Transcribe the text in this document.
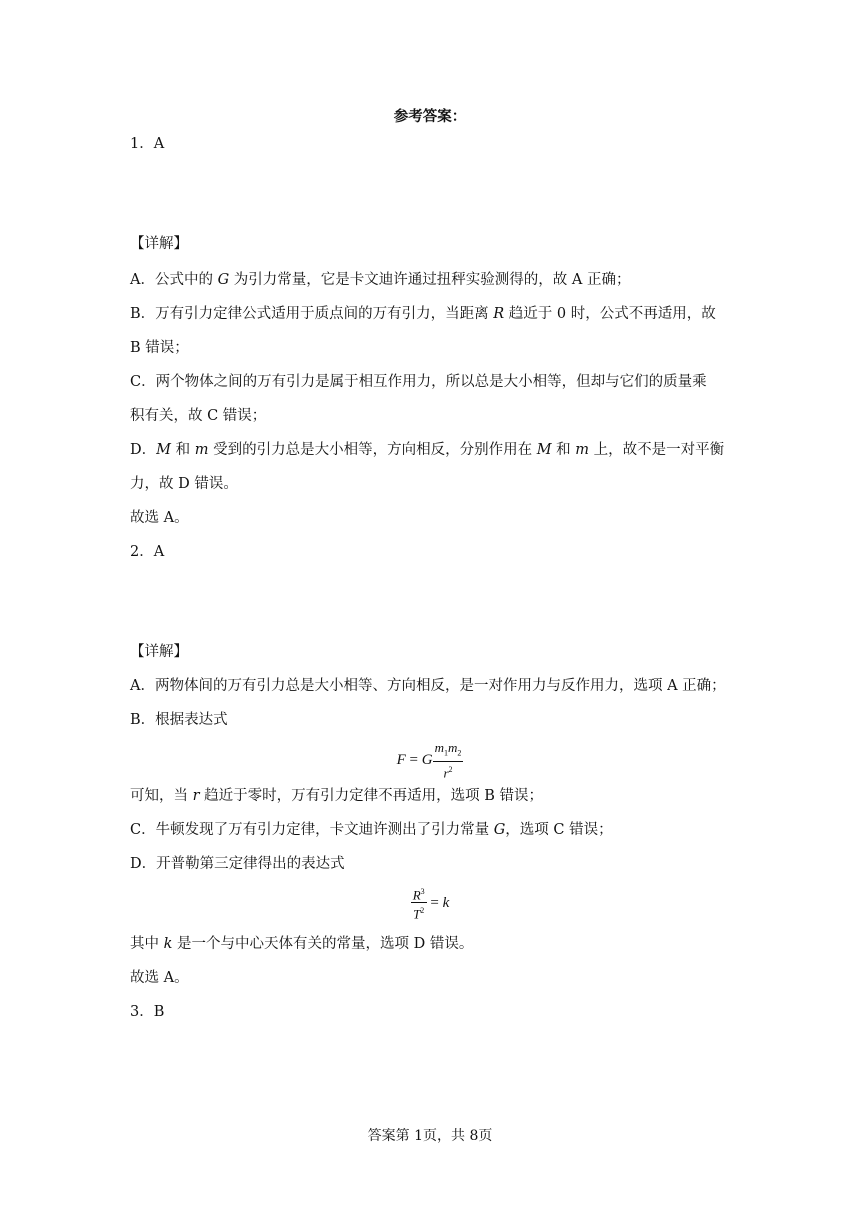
参考答案：
1．A
【详解】
A．公式中的 G 为引力常量，它是卡文迪许通过扭秤实验测得的，故 A 正确；
B．万有引力定律公式适用于质点间的万有引力，当距离 R 趋近于 0 时，公式不再适用，故
B 错误；
C．两个物体之间的万有引力是属于相互作用力，所以总是大小相等，但却与它们的质量乘
积有关，故 C 错误；
D．M 和 m 受到的引力总是大小相等，方向相反，分别作用在 M 和 m 上，故不是一对平衡
力，故 D 错误。
故选 A。
2．A
【详解】
A．两物体间的万有引力总是大小相等、方向相反，是一对作用力与反作用力，选项 A 正确；
B．根据表达式
F = G $\frac{m_1m_2}{r^2}$
可知，当 r 趋近于零时，万有引力定律不再适用，选项 B 错误；
C．牛顿发现了万有引力定律，卡文迪许测出了引力常量 G，选项 C 错误；
D．开普勒第三定律得出的表达式
$\frac{R^3}{T^2} = k$
其中 k 是一个与中心天体有关的常量，选项 D 错误。
故选 A。
3．B
答案第 1页，共 8页
